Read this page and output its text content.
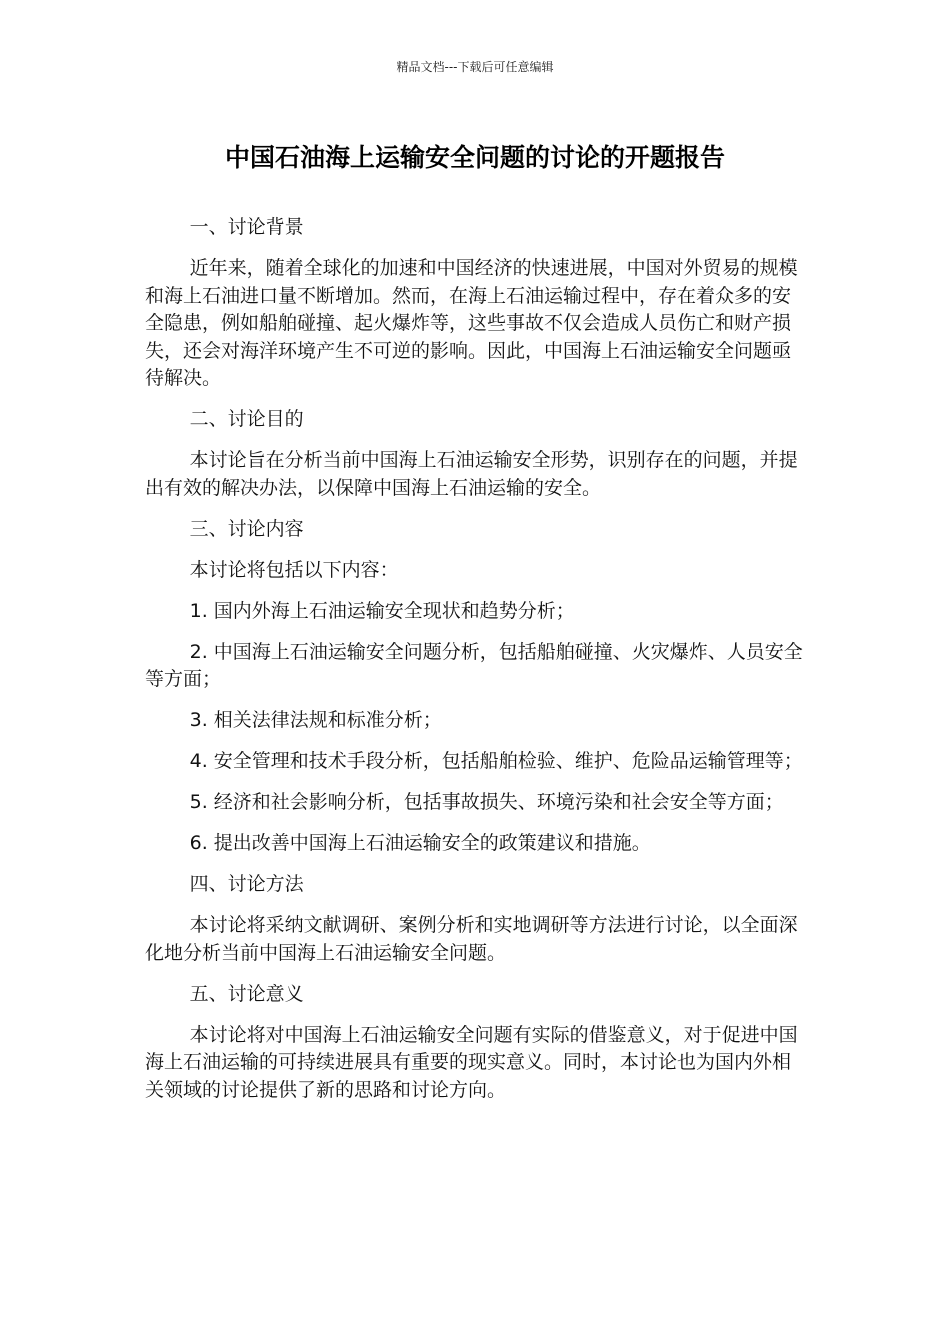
精品文档---下载后可任意编辑
中国石油海上运输安全问题的讨论的开题报告

一、讨论背景

近年来，随着全球化的加速和中国经济的快速进展，中国对外贸易的规模和海上石油进口量不断增加。然而，在海上石油运输过程中，存在着众多的安全隐患，例如船舶碰撞、起火爆炸等，这些事故不仅会造成人员伤亡和财产损失，还会对海洋环境产生不可逆的影响。因此，中国海上石油运输安全问题亟待解决。

二、讨论目的

本讨论旨在分析当前中国海上石油运输安全形势，识别存在的问题，并提出有效的解决办法，以保障中国海上石油运输的安全。

三、讨论内容

本讨论将包括以下内容：

1. 国内外海上石油运输安全现状和趋势分析；

2. 中国海上石油运输安全问题分析，包括船舶碰撞、火灾爆炸、人员安全等方面；

3. 相关法律法规和标准分析；

4. 安全管理和技术手段分析，包括船舶检验、维护、危险品运输管理等；

5. 经济和社会影响分析，包括事故损失、环境污染和社会安全等方面；

6. 提出改善中国海上石油运输安全的政策建议和措施。

四、讨论方法

本讨论将采纳文献调研、案例分析和实地调研等方法进行讨论，以全面深化地分析当前中国海上石油运输安全问题。

五、讨论意义

本讨论将对中国海上石油运输安全问题有实际的借鉴意义，对于促进中国海上石油运输的可持续进展具有重要的现实意义。同时，本讨论也为国内外相关领域的讨论提供了新的思路和讨论方向。
